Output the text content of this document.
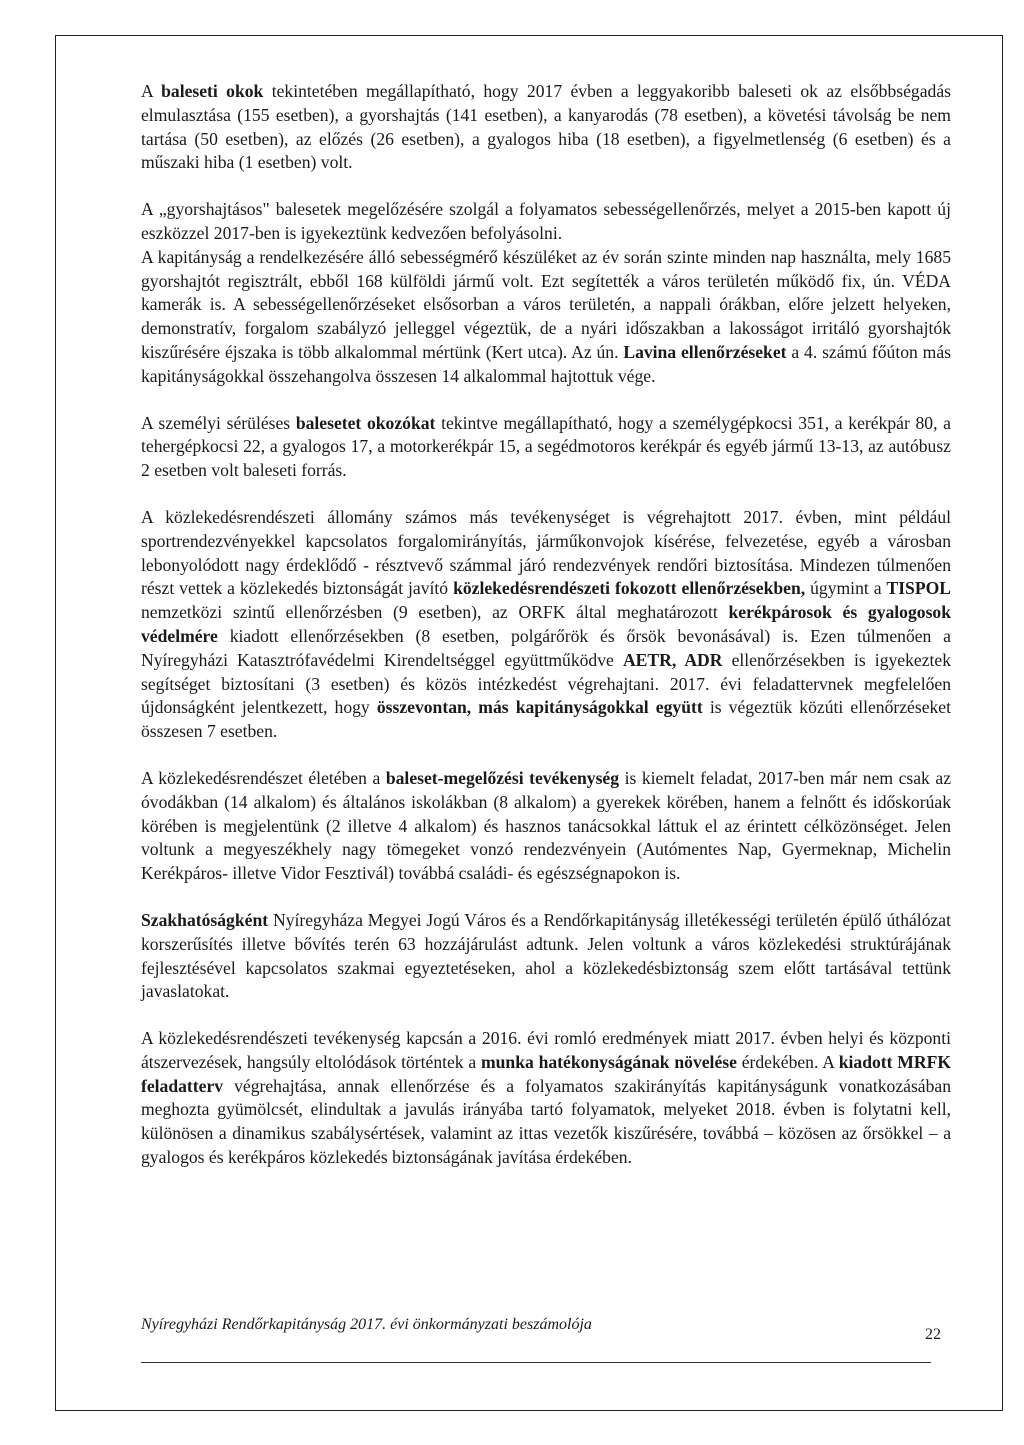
A baleseti okok tekintetében megállapítható, hogy 2017 évben a leggyakoribb baleseti ok az elsőbbségadás elmulasztása (155 esetben), a gyorshajtás (141 esetben), a kanyarodás (78 esetben), a követési távolság be nem tartása (50 esetben), az előzés (26 esetben), a gyalogos hiba (18 esetben), a figyelmetlenség (6 esetben) és a műszaki hiba (1 esetben) volt.

A „gyorshajtásos" balesetek megelőzésére szolgál a folyamatos sebességellenőrzés, melyet a 2015-ben kapott új eszközzel 2017-ben is igyekeztünk kedvezően befolyásolni.

A kapitányság a rendelkezésére álló sebességmérő készüléket az év során szinte minden nap használta, mely 1685 gyorshajtót regisztrált, ebből 168 külföldi jármű volt. Ezt segítették a város területén működő fix, ún. VÉDA kamerák is. A sebességellenőrzéseket elsősorban a város területén, a nappali órákban, előre jelzett helyeken, demonstratív, forgalom szabályzó jelleggel végeztük, de a nyári időszakban a lakosságot irritáló gyorshajtók kiszűrésére éjszaka is több alkalommal mértünk (Kert utca). Az ún. Lavina ellenőrzéseket a 4. számú főúton más kapitányságokkal összehangolva összesen 14 alkalommal hajtottuk vége.

A személyi sérüléses balesetet okozókat tekintve megállapítható, hogy a személygépkocsi 351, a kerékpár 80, a tehergépkocsi 22, a gyalogos 17, a motorkerékpár 15, a segédmotoros kerékpár és egyéb jármű 13-13, az autóbusz 2 esetben volt baleseti forrás.

A közlekedésrendészeti állomány számos más tevékenységet is végrehajtott 2017. évben, mint például sportrendezvényekkel kapcsolatos forgalomirányítás, járműkonvojok kísérése, felvezetése, egyéb a városban lebonyolódott nagy érdeklődő - résztvevő számmal járó rendezvények rendőri biztosítása. Mindezen túlmenően részt vettek a közlekedés biztonságát javító közlekedésrendészeti fokozott ellenőrzésekben, úgymint a TISPOL nemzetközi szintű ellenőrzésben (9 esetben), az ORFK által meghatározott kerékpárosok és gyalogosok védelmére kiadott ellenőrzésekben (8 esetben, polgárőrök és őrsök bevonásával) is. Ezen túlmenően a Nyíregyházi Katasztrófavédelmi Kirendeltséggel együttműködve AETR, ADR ellenőrzésekben is igyekeztek segítséget biztosítani (3 esetben) és közös intézkedést végrehajtani. 2017. évi feladattervnek megfelelően újdonságként jelentkezett, hogy összevontan, más kapitányságokkal együtt is végeztük közúti ellenőrzéseket összesen 7 esetben.

A közlekedésrendészet életében a baleset-megelőzési tevékenység is kiemelt feladat, 2017-ben már nem csak az óvodákban (14 alkalom) és általános iskolákban (8 alkalom) a gyerekek körében, hanem a felnőtt és időskorúak körében is megjelentünk (2 illetve 4 alkalom) és hasznos tanácsokkal láttuk el az érintett célközönséget. Jelen voltunk a megyeszékhely nagy tömegeket vonzó rendezvényein (Autómentes Nap, Gyermeknap, Michelin Kerékpáros- illetve Vidor Fesztivál) továbbá családi- és egészségnapokon is.

Szakhatóságként Nyíregyháza Megyei Jogú Város és a Rendőrkapitányság illetékességi területén épülő úthálózat korszerűsítés illetve bővítés terén 63 hozzájárulást adtunk. Jelen voltunk a város közlekedési struktúrájának fejlesztésével kapcsolatos szakmai egyeztetéseken, ahol a közlekedésbiztonság szem előtt tartásával tettünk javaslatokat.

A közlekedésrendészeti tevékenység kapcsán a 2016. évi romló eredmények miatt 2017. évben helyi és központi átszervezések, hangsúly eltolódások történtek a munka hatékonyságának növelése érdekében. A kiadott MRFK feladatterv végrehajtása, annak ellenőrzése és a folyamatos szakirányítás kapitányságunk vonatkozásában meghozta gyümölcsét, elindultak a javulás irányába tartó folyamatok, melyeket 2018. évben is folytatni kell, különösen a dinamikus szabálysértések, valamint az ittas vezetők kiszűrésére, továbbá – közösen az őrsökkel – a gyalogos és kerékpáros közlekedés biztonságának javítása érdekében.

Nyíregyházi Rendőrkapitányság 2017. évi önkormányzati beszámolója
22
